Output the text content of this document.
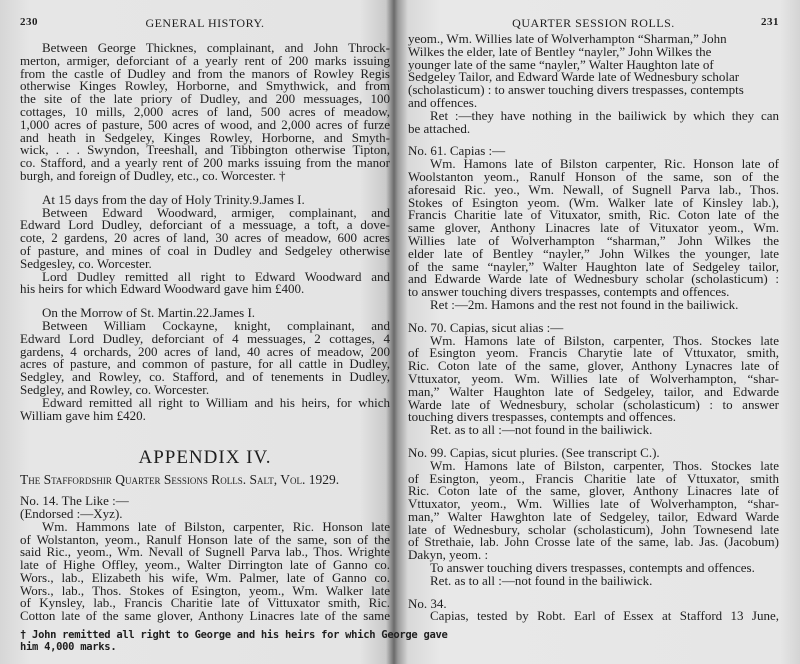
230	GENERAL HISTORY.
Between George Thicknes, complainant, and John Throck-
merton, armiger, deforciant of a yearly rent of 200 marks issuing
from the castle of Dudley and from the manors of Rowley Regis
otherwise Kinges Rowley, Horborne, and Smythwick, and from
the site of the late priory of Dudley, and 200 messuages, 100
cottages, 10 mills, 2,000 acres of land, 500 acres of meadow,
1,000 acres of pasture, 500 acres of wood, and 2,000 acres of furze
and heath in Sedgeley, Kinges Rowley, Horborne, and Smyth-
wick, . . . Swyndon, Treeshall, and Tibbington otherwise Tipton,
co. Stafford, and a yearly rent of 200 marks issuing from the manor
burgh, and foreign of Dudley, etc., co. Worcester. †
At 15 days from the day of Holy Trinity.9.James I.
Between Edward Woodward, armiger, complainant, and
Edward Lord Dudley, deforciant of a messuage, a toft, a dove-
cote, 2 gardens, 20 acres of land, 30 acres of meadow, 600 acres
of pasture, and mines of coal in Dudley and Sedgeley otherwise
Sedgesley, co. Worcester.
Lord Dudley remitted all right to Edward Woodward and
his heirs for which Edward Woodward gave him £400.
On the Morrow of St. Martin.22.James I.
Between William Cockayne, knight, complainant, and
Edward Lord Dudley, deforciant of 4 messuages, 2 cottages, 4
gardens, 4 orchards, 200 acres of land, 40 acres of meadow, 200
acres of pasture, and common of pasture, for all cattle in Dudley,
Sedgley, and Rowley, co. Stafford, and of tenements in Dudley,
Sedgley, and Rowley, co. Worcester.
Edward remitted all right to William and his heirs, for which
William gave him £420.
APPENDIX IV.
The Staffordshir Quarter Sessions Rolls. Salt, Vol. 1929.
No. 14. The Like :—
(Endorsed :—Xyz).
Wm. Hammons late of Bilston, carpenter, Ric. Honson late
of Wolstanton, yeom., Ranulf Honson late of the same, son of the
said Ric., yeom., Wm. Nevall of Sugnell Parva lab., Thos. Wrighte
late of Highe Offley, yeom., Walter Dirrington late of Ganno co.
Wors., lab., Elizabeth his wife, Wm. Palmer, late of Ganno co.
Wors., lab., Thos. Stokes of Esington, yeom., Wm. Walker late
of Kynsley, lab., Francis Charitie late of Vittuxator smith, Ric.
Cotton late of the same glover, Anthony Linacres late of the same
† John remitted all right to George and his heirs for which George gave
him 4,000 marks.
QUARTER SESSION ROLLS.	231
yeom., Wm. Willies late of Wolverhampton “Sharman,” John
Wilkes the elder, late of Bentley “nayler,” John Wilkes the
younger late of the same “nayler,” Walter Haughton late of
Sedgeley Tailor, and Edward Warde late of Wednesbury scholar
(scholasticum) : to answer touching divers trespasses, contempts
and offences.
Ret :—they have nothing in the bailiwick by which they can
be attached.
No. 61. Capias :—
Wm. Hamons late of Bilston carpenter, Ric. Honson late of
Woolstanton yeom., Ranulf Honson of the same, son of the
aforesaid Ric. yeo., Wm. Newall, of Sugnell Parva lab., Thos.
Stokes of Esington yeom. (Wm. Walker late of Kinsley lab.),
Francis Charitie late of Vituxator, smith, Ric. Coton late of the
same glover, Anthony Linacres late of Vituxator yeom., Wm.
Willies late of Wolverhampton “sharman,” John Wilkes the
elder late of Bentley “nayler,” John Wilkes the younger, late
of the same “nayler,” Walter Haughton late of Sedgeley tailor,
and Edwarde Warde late of Wednesbury scholar (scholasticum) :
to answer touching divers trespasses, contempts and offences.
Ret :—2m. Hamons and the rest not found in the bailiwick.
No. 70. Capias, sicut alias :—
Wm. Hamons late of Bilston, carpenter, Thos. Stockes late
of Esington yeom. Francis Charytie late of Vttuxator, smith,
Ric. Coton late of the same, glover, Anthony Lynacres late of
Vttuxator, yeom. Wm. Willies late of Wolverhampton, “shar-
man,” Walter Haughton late of Sedgeley, tailor, and Edwarde
Warde late of Wednesbury, scholar (scholasticum) : to answer
touching divers trespasses, contempts and offences.
Ret. as to all :—not found in the bailiwick.
No. 99. Capias, sicut pluries. (See transcript C.).
Wm. Hamons late of Bilston, carpenter, Thos. Stockes late
of Esington, yeom., Francis Charitie late of Vttuxator, smith
Ric. Coton late of the same, glover, Anthony Linacres late of
Vttuxator, yeom., Wm. Willies late of Wolverhampton, “shar-
man,” Walter Hawghton late of Sedgeley, tailor, Edward Warde
late of Wednesbury, scholar (scholasticum), John Townesend late
of Strethaie, lab. John Crosse late of the same, lab. Jas. (Jacobum)
Dakyn, yeom. :
To answer touching divers trespasses, contempts and offences.
Ret. as to all :—not found in the bailiwick.
No. 34.
Capias, tested by Robt. Earl of Essex at Stafford 13 June,
